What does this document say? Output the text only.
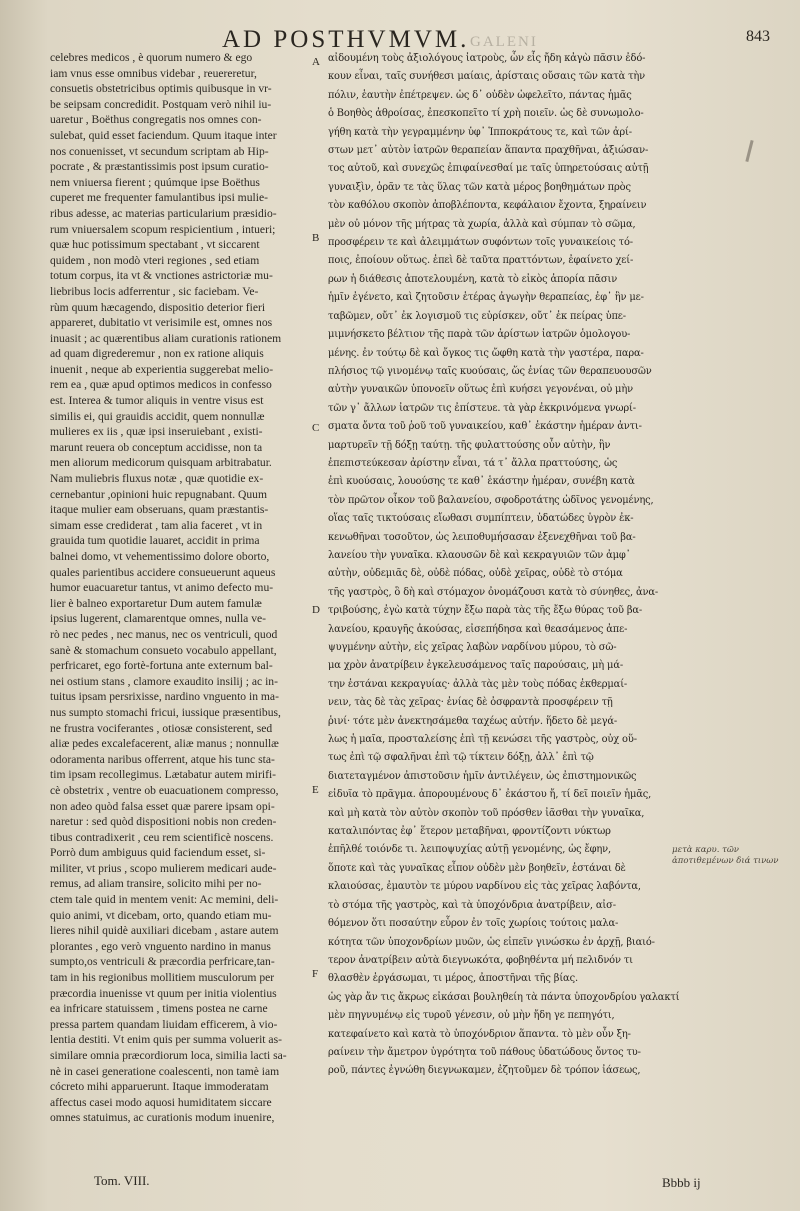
AD POSTHVMVM. GALENI	843
celebres medicos , è quorum numero & ego
iam vnus esse omnibus videbar , reuereretur,
consuetis obstetricibus optimis quibusque in vr-
be seipsam concredidit. Postquam verò nihil iu-
uaretur , Boëthus congregatis nos omnes con-
sulebat, quid esset faciendum. Quum itaque inter
nos conuenisset, vt secundum scriptam ab Hip-
pocrate , & præstantissimis post ipsum curatio-
nem vniuersa fierent ; quúmque ipse Boëthus
cuperet me frequenter famulantibus ipsi mulie-
ribus adesse, ac materias particularium præsidio-
rum vniuersalem scopum respicientium , intueri;
quæ huc potissimum spectabant , vt siccarent
quidem , non modò vteri regiones , sed etiam
totum corpus, ita vt & vnctiones astrictoriæ mu-
liebribus locis adferrentur , sic faciebam. Ve-
rùm quum hæcagendo, dispositio deterior fieri
appareret, dubitatio vt verisimile est, omnes nos
inuasit ; ac quærentibus aliam curationis rationem
ad quam digrederemur , non ex ratione aliquis
inuenit , neque ab experientia suggerebat melio-
rem ea , quæ apud optimos medicos in confesso
est. Interea & tumor aliquis in ventre visus est
similis ei, qui grauidis accidit, quem nonnullæ
mulieres ex iis , quæ ipsi inseruiebant , existi-
marunt reuera ob conceptum accidisse, non ta
men aliorum medicorum quisquam arbitrabatur.
Nam muliebris fluxus notæ , quæ quotidie ex-
cernebantur ,opinioni huic repugnabant. Quum
itaque mulier eam obseruans, quam præstantis-
simam esse crediderat , tam alia faceret , vt in
grauida tum quotidie lauaret, accidit in prima
balnei domo, vt vehementissimo dolore oborto,
quales parientibus accidere consueuerunt aqueus
humor euacuaretur tantus, vt animo defecto mu-
lier è balneo exportaretur Dum autem famulæ
ipsius lugerent, clamarentque omnes, nulla ve-
rò nec pedes , nec manus, nec os ventriculi, quod
sanè & stomachum consueto vocabulo appellant,
perfricaret, ego fortè-fortuna ante externum bal-
nei ostium stans , clamore exaudito insilij ; ac in-
tuitus ipsam persrixisse, nardino vnguento in ma-
nus sumpto stomachi fricui, iussique præsentibus,
ne frustra vociferantes , otiosæ consisterent, sed
aliæ pedes excalefacerent, aliæ manus ; nonnullæ
odoramenta naribus offerrent, atque his tunc sta-
tim ipsam recollegimus. Lætabatur autem mirifi-
cè obstetrix , ventre ob euacuationem compresso,
non adeo quòd falsa esset quæ parere ipsam opi-
naretur : sed quòd dispositioni nobis non creden-
tibus contradixerit , ceu rem scientificè noscens.
Porrò dum ambiguus quid faciendum esset, si-
militer, vt prius , scopo mulierem medicari aude-
remus, ad aliam transire, solicito mihi per no-
ctem tale quid in mentem venit: Ac memini, deli-
quio animi, vt dicebam, orto, quando etiam mu-
lieres nihil quidè auxiliari dicebam , astare autem
plorantes , ego verò vnguento nardino in manus
sumpto,os ventriculi & præcordia perfricare,tan-
tam in his regionibus mollitiem musculorum per
præcordia inuenisse vt quum per initia violentius
ea infricare statuissem , timens postea ne carne
pressa partem quandam liuidam efficerem, à vio-
lentia destiti. Vt enim quis per summa voluerit as-
similare omnia præcordiorum loca, similia lacti sa-
nè in casei generatione coalescenti, non tamè iam
cócreto mihi apparuerunt. Itaque immoderatam
affectus casei modo aquosi humiditatem siccare
omnes statuimus, ac curationis modum inuenire,
αἰδουμένη τοὺς ἀξιολόγους ἰατροὺς, ὧν εἷς ἤδη κἀγὼ πᾶσιν ἐδό-
κουν εἶναι, ταῖς συνήθεσι μαίαις, ἀρίσταις οὔσαις τῶν κατὰ τὴν
πόλιν, ἑαυτὴν ἐπέτρεψεν. ὡς δ᾽ οὐδὲν ὠφελεῖτο, πάντας ἡμᾶς
ὁ Βοηθὸς ἀθροίσας, ἐπεσκοπεῖτο τί χρὴ ποιεῖν. ὡς δὲ συνωμολο-
γήθη κατὰ τὴν γεγραμμένην ὑφ᾽ Ἱπποκράτους τε, καὶ τῶν ἀρί-
στων μετ᾽ αὐτὸν ἰατρῶν θεραπείαν ἅπαντα πραχθῆναι, ἀξιώσαν-
τος αὐτοῦ, καὶ συνεχῶς ἐπιφαίνεσθαί με ταῖς ὑπηρετούσαις αὐτῇ
γυναιξὶν, ὁρᾶν τε τὰς ὕλας τῶν κατὰ μέρος βοηθημάτων πρὸς
τὸν καθόλου σκοπὸν ἀποβλέποντα, κεφάλαιον ἔχοντα, ξηραίνειν
μὲν οὐ μόνον τῆς μήτρας τὰ χωρία, ἀλλὰ καὶ σύμπαν τὸ σῶμα,
προσφέρειν τε καὶ ἀλειμμάτων συφόντων τοῖς γυναικείοις τό-
ποις, ἐποίουν οὕτως. ἐπεὶ δὲ ταῦτα πραττόντων, ἐφαίνετο χεί-
ρων ἡ διάθεσις ἀποτελουμένη, κατὰ τὸ εἰκὸς ἀπορία πᾶσιν
ἡμῖν ἐγένετο, καὶ ζητοῦσιν ἑτέρας ἀγωγὴν θεραπείας, ἐφ᾽ ἣν με-
ταβῶμεν, οὔτ᾽ ἐκ λογισμοῦ τις εὑρίσκεν, οὔτ᾽ ἐκ πείρας ὑπε-
μιμνήσκετο βέλτιον τῆς παρὰ τῶν ἀρίστων ἰατρῶν ὁμολογου-
μένης. ἐν τούτῳ δὲ καὶ ὄγκος τις ὤφθη κατὰ τὴν γαστέρα, παρα-
πλήσιος τῷ γινομένῳ ταῖς κυούσαις, ὥς ἐνίας τῶν θεραπευουσῶν
αὐτὴν γυναικῶν ὑπονοεῖν οὕτως ἐπὶ κυήσει γεγονέναι, οὐ μὴν
τῶν γ᾽ ἄλλων ἰατρῶν τις ἐπίστευε. τὰ γὰρ ἐκκρινόμενα γνωρί-
σματα ὄντα τοῦ ῥοῦ τοῦ γυναικείου, καθ᾽ ἑκάστην ἡμέραν ἀντι-
μαρτυρεῖν τῇ δόξῃ ταύτῃ. τῆς φυλαττούσης οὖν αὐτὴν, ἣν
ἐπεπιστεύκεσαν ἀρίστην εἶναι, τά τ᾽ ἄλλα πραττούσης, ὡς
ἐπὶ κυούσαις, λουούσης τε καθ᾽ ἑκάστην ἡμέραν, συνέβη κατὰ
τὸν πρῶτον οἶκον τοῦ βαλανείου, σφοδροτάτης ὠδῖνος γενομένης,
οἵας ταῖς τικτούσαις εἴωθασι συμπίπτειν, ὑδατώδες ὑγρὸν ἐκ-
κενωθῆναι τοσοῦτον, ὡς λειποθυμήσασαν ἐξενεχθῆναι τοῦ βα-
λανείου τὴν γυναῖκα. κλαουσῶν δὲ καὶ κεκραγυιῶν τῶν ἀμφ᾽
αὐτὴν, οὐδεμιᾶς δὲ, οὐδὲ πόδας, οὐδὲ χεῖρας, οὐδὲ τὸ στόμα
τῆς γαστρὸς, ὃ δὴ καὶ στόμαχον ὀνομάζουσι κατὰ τὸ σύνηθες, ἀνα-
τριβούσης, ἐγὼ κατὰ τύχην ἔξω παρὰ τὰς τῆς ἔξω θύρας τοῦ βα-
λανείου, κραυγῆς ἀκούσας, εἰσεπήδησα καὶ θεασάμενος ἀπε-
ψυγμένην αὐτὴν, εἰς χεῖρας λαβὼν ναρδίνου μύρου, τὸ σῶ-
μα χρὸν ἀνατρίβειν ἐγκελευσάμενος ταῖς παρούσαις, μὴ μά-
την ἑστάναι κεκραγυίας· ἀλλὰ τὰς μὲν τοὺς πόδας ἐκθερμαί-
νειν, τὰς δὲ τὰς χεῖρας· ἐνίας δὲ ὀσφραντὰ προσφέρειν τῇ
ῥινί· τότε μὲν ἀνεκτησάμεθα ταχέως αὐτήν. ἥδετο δὲ μεγά-
λως ἡ μαῖα, προσταλείσης ἐπὶ τῇ κενώσει τῆς γαστρὸς, οὐχ οὕ-
τως ἐπὶ τῷ σφαλῆναι ἐπὶ τῷ τίκτειν δόξῃ, ἀλλ᾽ ἐπὶ τῷ
διατεταγμένον ἀπιστοῦσιν ἡμῖν ἀντιλέγειν, ὡς ἐπιστημονικῶς
εἰδυῖα τὸ πρᾶγμα. ἀπορουμένους δ᾽ ἐκάστου ἤ, τί δεῖ ποιεῖν ἡμᾶς,
καὶ μὴ κατὰ τὸν αὐτὸν σκοπὸν τοῦ πρόσθεν ἰᾶσθαι τὴν γυναῖκα,
καταλιπόντας ἐφ᾽ ἕτερον μεταβῆναι, φροντίζοντι νύκτωρ
ἐπῆλθέ τοιόνδε τι. λειποψυχίας αὐτῇ γενομένης, ὡς ἔφην,
ὅποτε καὶ τὰς γυναῖκας εἶπον οὐδὲν μὲν βοηθεῖν, ἑστάναι δὲ
κλαιούσας, ἐμαυτὸν τε μύρου ναρδίνου εἰς τὰς χεῖρας λαβόντα,
τὸ στόμα τῆς γαστρὸς, καὶ τὰ ὑποχόνδρια ἀνατρίβειν, αἰσ-
θόμενον ὅτι ποσαύτην εὗρον ἐν τοῖς χωρίοις τούτοις μαλα-
κότητα τῶν ὑποχονδρίων μυῶν, ὡς εἰπεῖν γινώσκω ἐν ἀρχῇ, βιαιό-
τερον ἀνατρίβειν αὐτὰ διεγνωκότα, φοβηθέντα μή πελιδνόν τι
θλασθὲν ἐργάσωμαι, τι μέρος, ἀποστῆναι τῆς βίας.
ὡς γὰρ ἄν τις ἄκρως εἰκάσαι βουληθείη τὰ πάντα ὑποχονδρίου γαλακτί
μὲν πηγνυμένῳ εἰς τυροῦ γένεσιν, οὐ μὴν ἤδη γε πεπηγότι,
κατεφαίνετο καὶ κατὰ τὸ ὑποχόνδριον ἅπαντα. τὸ μὲν οὖν ξη-
ραίνειν τὴν ἄμετρον ὑγρότητα τοῦ πάθους ὑδατώδους ὄντος τυ-
ροῦ, πάντες ἐγνώθη διεγνωκαμεν, ἐζητοῦμεν δὲ τρόπον ἰάσεως,
A
B
C
D
E
F
μετὰ καρυ. τῶν ἀποτιθεμένων διά τινων
Tom. VIII.	Bbbb ij
